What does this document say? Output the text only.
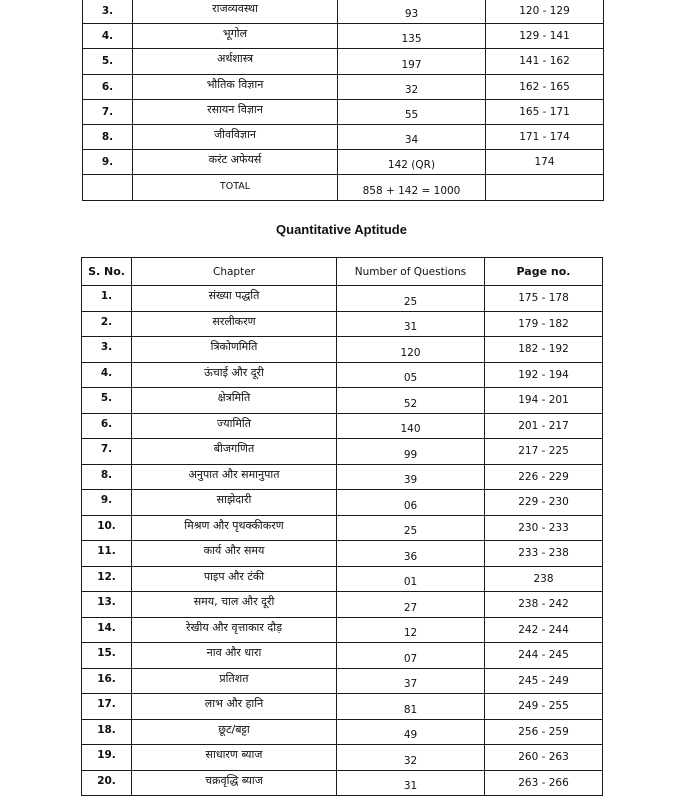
3.	राजव्यवस्था	93	120 - 129
4.	भूगोल	135	129 - 141
5.	अर्थशास्त्र	197	141 - 162
6.	भौतिक विज्ञान	32	162 - 165
7.	रसायन विज्ञान	55	165 - 171
8.	जीवविज्ञान	34	171 - 174
9.	करंट अफेयर्स	142 (QR)	174
	TOTAL	858 + 142 = 1000	
Quantitative Aptitude
S. No.	Chapter	Number of Questions	Page no.
1.	संख्या पद्धति	25	175 - 178
2.	सरलीकरण	31	179 - 182
3.	त्रिकोणमिति	120	182 - 192
4.	ऊंचाई और दूरी	05	192 - 194
5.	क्षेत्रमिति	52	194 - 201
6.	ज्यामिति	140	201 - 217
7.	बीजगणित	99	217 - 225
8.	अनुपात और समानुपात	39	226 - 229
9.	साझेदारी	06	229 - 230
10.	मिश्रण और पृथक्कीकरण	25	230 - 233
11.	कार्य और समय	36	233 - 238
12.	पाइप और टंकी	01	238
13.	समय, चाल और दूरी	27	238 - 242
14.	रेखीय और वृत्ताकार दौड़	12	242 - 244
15.	नाव और धारा	07	244 - 245
16.	प्रतिशत	37	245 - 249
17.	लाभ और हानि	81	249 - 255
18.	छूट/बट्टा	49	256 - 259
19.	साधारण ब्याज	32	260 - 263
20.	चक्रवृद्धि ब्याज	31	263 - 266
